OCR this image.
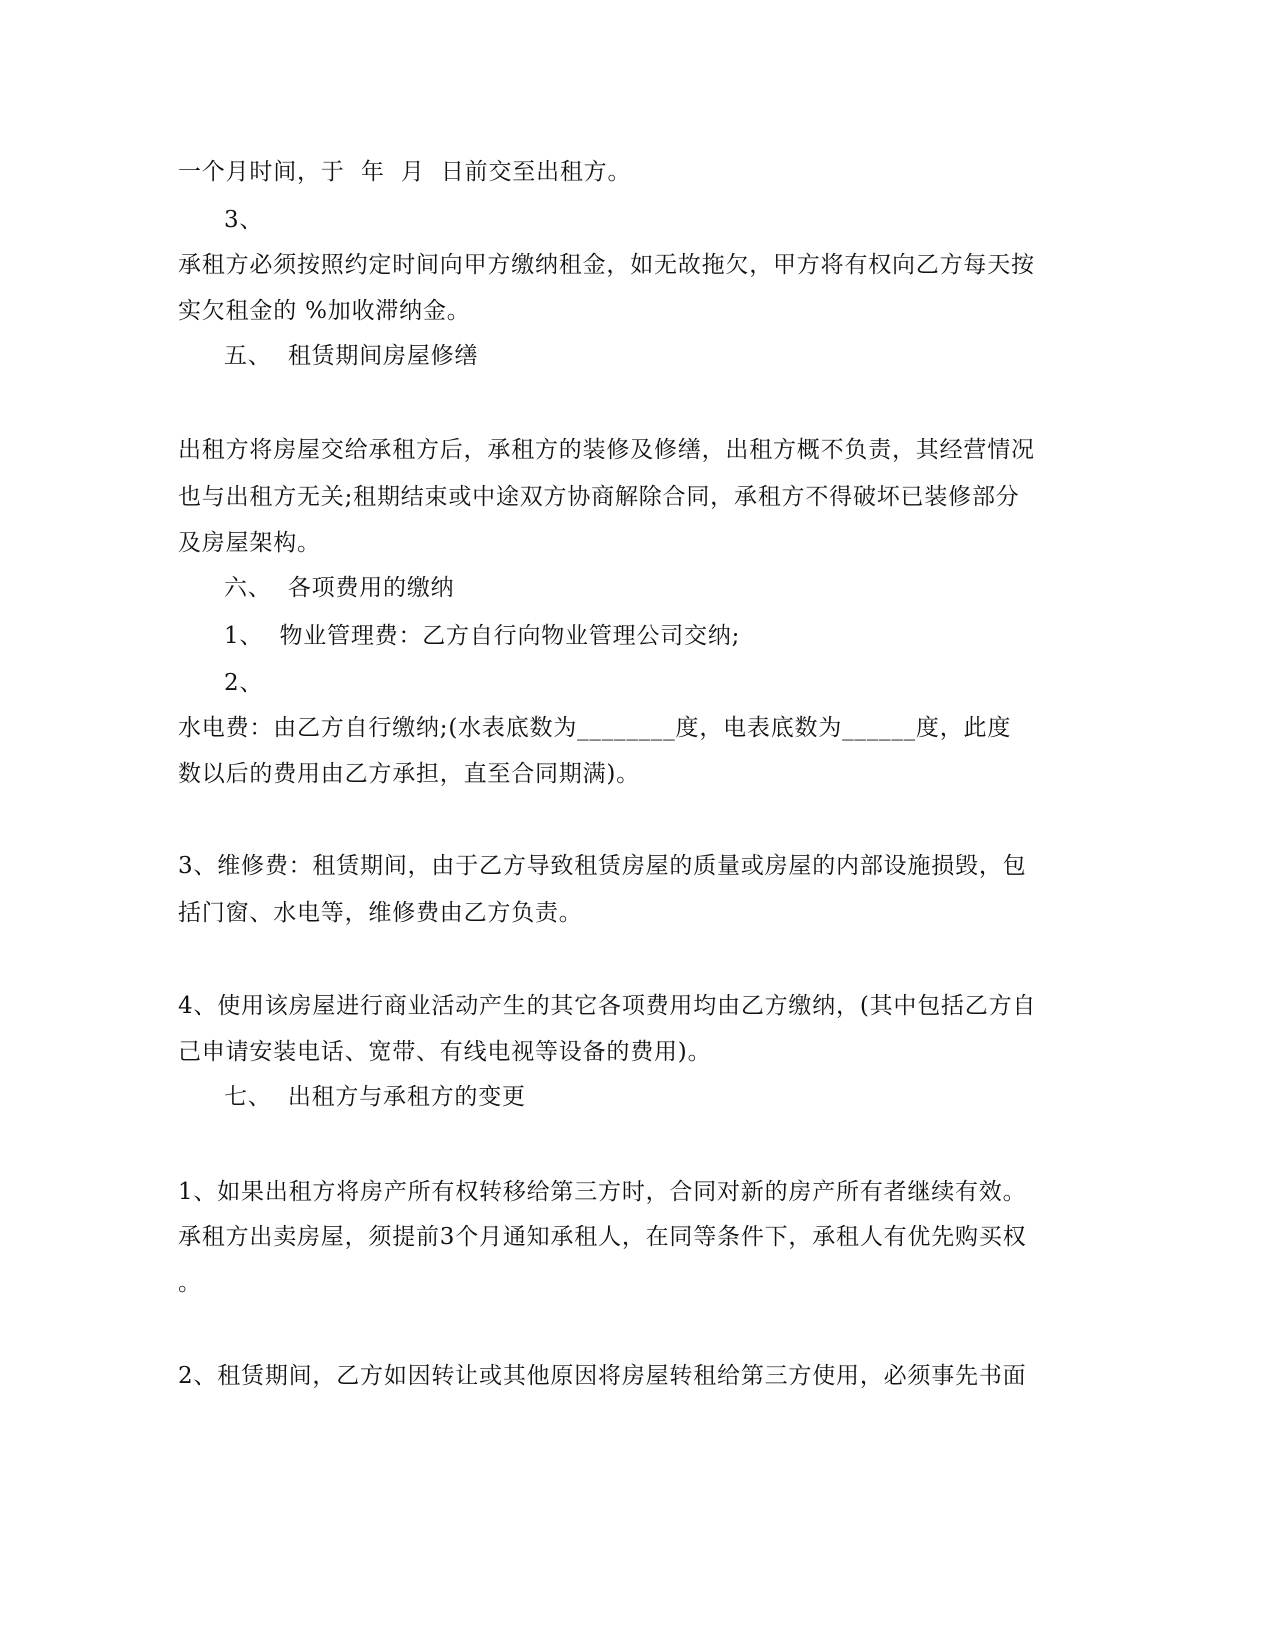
一个月时间，于  年  月  日前交至出租方。
3、
承租方必须按照约定时间向甲方缴纳租金，如无故拖欠，甲方将有权向乙方每天按
实欠租金的 %加收滞纳金。
五、  租赁期间房屋修缮
出租方将房屋交给承租方后，承租方的装修及修缮，出租方概不负责，其经营情况
也与出租方无关;租期结束或中途双方协商解除合同，承租方不得破坏已装修部分
及房屋架构。
六、  各项费用的缴纳
1、  物业管理费：乙方自行向物业管理公司交纳;
2、
水电费：由乙方自行缴纳;(水表底数为________度，电表底数为______度，此度
数以后的费用由乙方承担，直至合同期满)。
3、维修费：租赁期间，由于乙方导致租赁房屋的质量或房屋的内部设施损毁，包
括门窗、水电等，维修费由乙方负责。
4、使用该房屋进行商业活动产生的其它各项费用均由乙方缴纳，(其中包括乙方自
己申请安装电话、宽带、有线电视等设备的费用)。
七、  出租方与承租方的变更
1、如果出租方将房产所有权转移给第三方时，合同对新的房产所有者继续有效。
承租方出卖房屋，须提前3个月通知承租人，在同等条件下，承租人有优先购买权
。
2、租赁期间，乙方如因转让或其他原因将房屋转租给第三方使用，必须事先书面
